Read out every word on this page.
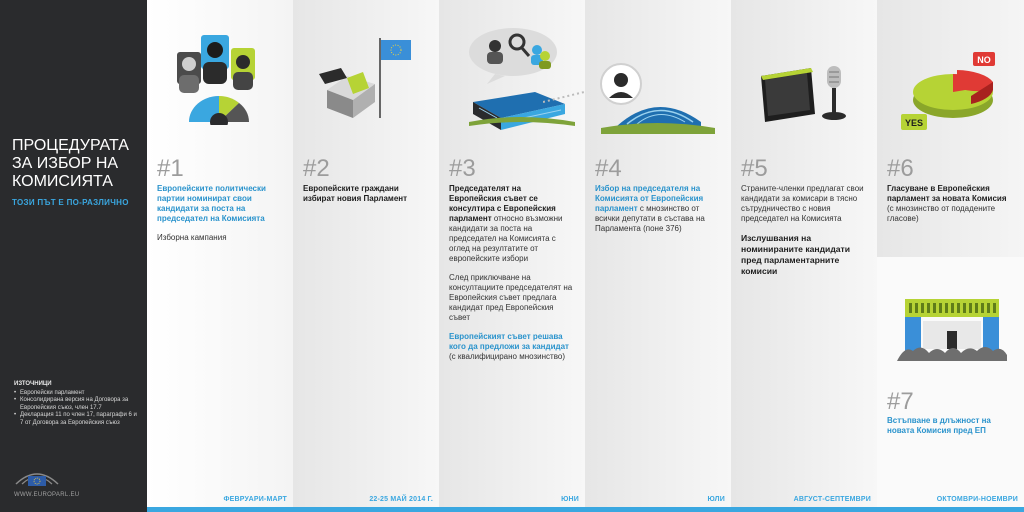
ПРОЦЕДУРАТА ЗА ИЗБОР НА КОМИСИЯТА
ТОЗИ ПЪТ Е ПО-РАЗЛИЧНО
ИЗТОЧНИЦИ
• Европейски парламент
• Консолидирана версия на Договора за Европейския съюз, член 17.7
• Декларация 11 по член 17, параграфи 6 и 7 от Договора за Европейския съюз
WWW.EUROPARL.EU
#1

Европейските политически партии номинират свои кандидати за поста на председател на Комисията

Изборна кампания

ФЕВРУАРИ-МАРТ
#2

Европейските граждани избират новия Парламент

22-25 МАЙ 2014 Г.
#3

Председателят на Европейския съвет се консултира с Европейския парламент относно възможни кандидати за поста на председател на Комисията с оглед на резултатите от европейските избори

След приключване на консултациите председателят на Европейския съвет предлага кандидат пред Европейския съвет

Европейският съвет решава кого да предложи за кандидат (с квалифицирано мнозинство)

ЮНИ
#4

Избор на председателя на Комисията от Европейския парламент с мнозинство от всички депутати в състава на Парламента (поне 376)

ЮЛИ
#5

Страните-членки предлагат свои кандидати за комисари в тясно сътрудничество с новия председател на Комисията

Изслушвания на номинираните кандидати пред парламентарните комисии

АВГУСТ-СЕПТЕМВРИ
NO
YES
#6

Гласуване в Европейския парламент за новата Комисия (с мнозинство от подадените гласове)

#7
Встъпване в длъжност на новата Комисия пред ЕП
ОКТОМВРИ-НОЕМВРИ
